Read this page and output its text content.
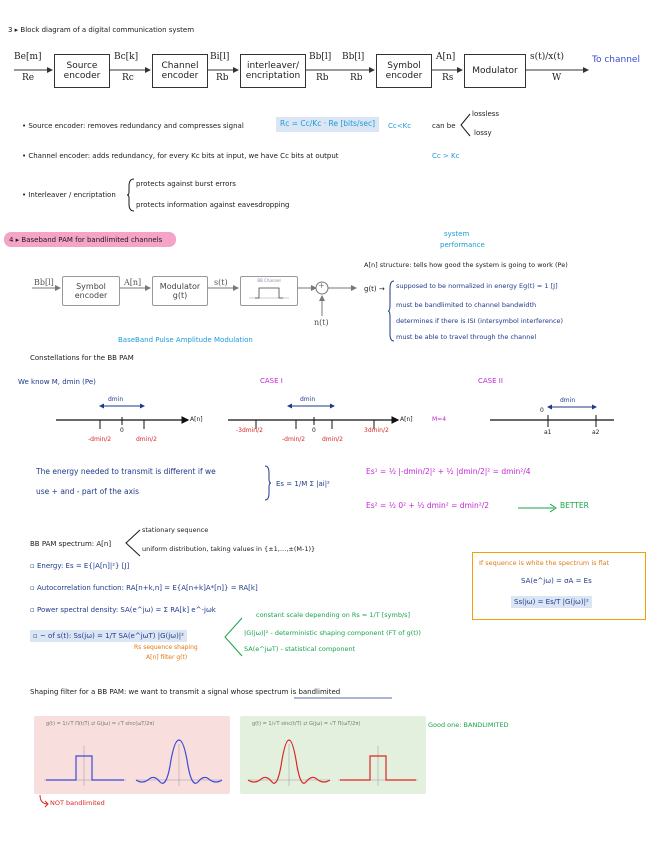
3 ▸ Block diagram of a digital communication system
Be[m]
Re
Source
encoder
Bc[k]
Rc
Channel
encoder
Bi[l]
Rb
interleaver/
encriptation
Bb[l]
Rb
Bb[l]
Rb
Symbol
encoder
A[n]
Rs
Modulator
s(t)/x(t)
W
To channel
• Source encoder: removes redundancy and compresses signal	Rc = Cc/Kc · Re [bits/sec]	Cc<Kc	can be
lossless
lossy
• Channel encoder: adds redundancy, for every Kc bits at input, we have Cc bits at output	Cc > Kc
• Interleaver / encriptation
protects against burst errors
protects information against eavesdropping
4 ▸ Baseband PAM for bandlimited channels
system
performance
Bb[l]	Symbol
encoder
A[n] Modulator
g(t)
s(t)	BB Channel
+
n(t)
A[n] structure: tells how good the system is going to work (Pe)
g(t) → supposed to be normalized in energy Eg(t) = 1 [J]
must be bandlimited to channel bandwidth
determines if there is ISI (intersymbol interference)
must be able to travel through the channel
BaseBand Pulse Amplitude Modulation
Constellations for the BB PAM
We know M, dmin (Pe)	CASE I	CASE II
dmin
A[n]
0
-dmin/2	dmin/2
dmin
A[n]	M=4
0
-3dmin/2
-dmin/2	dmin/2
3dmin/2
dmin
0
a1	a2
The energy needed to transmit is different if we
use + and - part of the axis
Es = 1/M Σ |ai|²
Es¹ = ½ |-dmin/2|² + ½ |dmin/2|² = dmin²/4
Es² = ½ 0² + ½ dmin² = dmin²/2	BETTER
BB PAM spectrum: A[n]
stationary sequence
uniform distribution, taking values in {±1,…,±(M-1)}
▫ Energy: Es = E{|A[n]|²} [J]
▫ Autocorrelation function: RA[n+k,n] = E{A[n+k]A*[n]} = RA[k]
▫ Power spectral density: SA(e^jω) = Σ RA[k] e^-jωk
▫ ~ of s(t): Ss(jω) = 1/T SA(e^jωT) |G(jω)|²
constant scale depending on Rs = 1/T [symb/s]
|G(jω)|² - deterministic shaping component (FT of g(t))
SA(e^jωT) - statistical component
Rs sequence shaping
A[n] filter g(t)
If sequence is white the spectrum is flat
SA(e^jω) = σA = Es
Ss(jω) = Es/T |G(jω)|²
Shaping filter for a BB PAM: we want to transmit a signal whose spectrum is bandlimited
g(t) = 1/√T Π(t/T) ⇄ G(jω) = √T sinc(ωT/2π)	g(t) = 1/√T sinc(t/T) ⇄ G(jω) = √T Π(ωT/2π)	Good one: BANDLIMITED
NOT bandlimited
